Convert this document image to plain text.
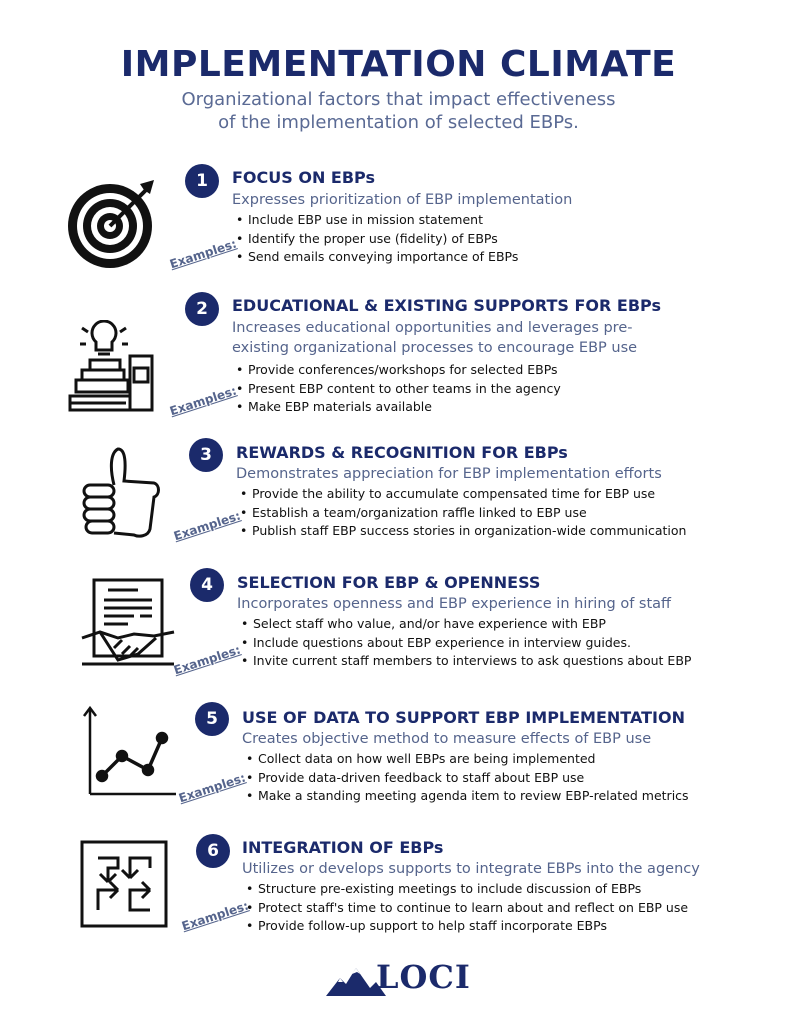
IMPLEMENTATION CLIMATE
Organizational factors that impact effectiveness
of the implementation of selected EBPs.
1	FOCUS ON EBPs
Expresses prioritization of EBP implementation
Examples:
• Include EBP use in mission statement
• Identify the proper use (fidelity) of EBPs
• Send emails conveying importance of EBPs
2	EDUCATIONAL & EXISTING SUPPORTS FOR EBPs
Increases educational opportunities and leverages pre-
existing organizational processes to encourage EBP use
Examples:
• Provide conferences/workshops for selected EBPs
• Present EBP content to other teams in the agency
• Make EBP materials available
3	REWARDS & RECOGNITION FOR EBPs
Demonstrates appreciation for EBP implementation efforts
Examples:
• Provide the ability to accumulate compensated time for EBP use
• Establish a team/organization raffle linked to EBP use
• Publish staff EBP success stories in organization-wide communication
4	SELECTION FOR EBP & OPENNESS
Incorporates openness and EBP experience in hiring of staff
Examples:
• Select staff who value, and/or have experience with EBP
• Include questions about EBP experience in interview guides.
• Invite current staff members to interviews to ask questions about EBP
5	USE OF DATA TO SUPPORT EBP IMPLEMENTATION
Creates objective method to measure effects of EBP use
Examples:
• Collect data on how well EBPs are being implemented
• Provide data-driven feedback to staff about EBP use
• Make a standing meeting agenda item to review EBP-related metrics
6	INTEGRATION OF EBPs
Utilizes or develops supports to integrate EBPs into the agency
Examples:
• Structure pre-existing meetings to include discussion of EBPs
• Protect staff's time to continue to learn about and reflect on EBP use
• Provide follow-up support to help staff incorporate EBPs
LOCI
